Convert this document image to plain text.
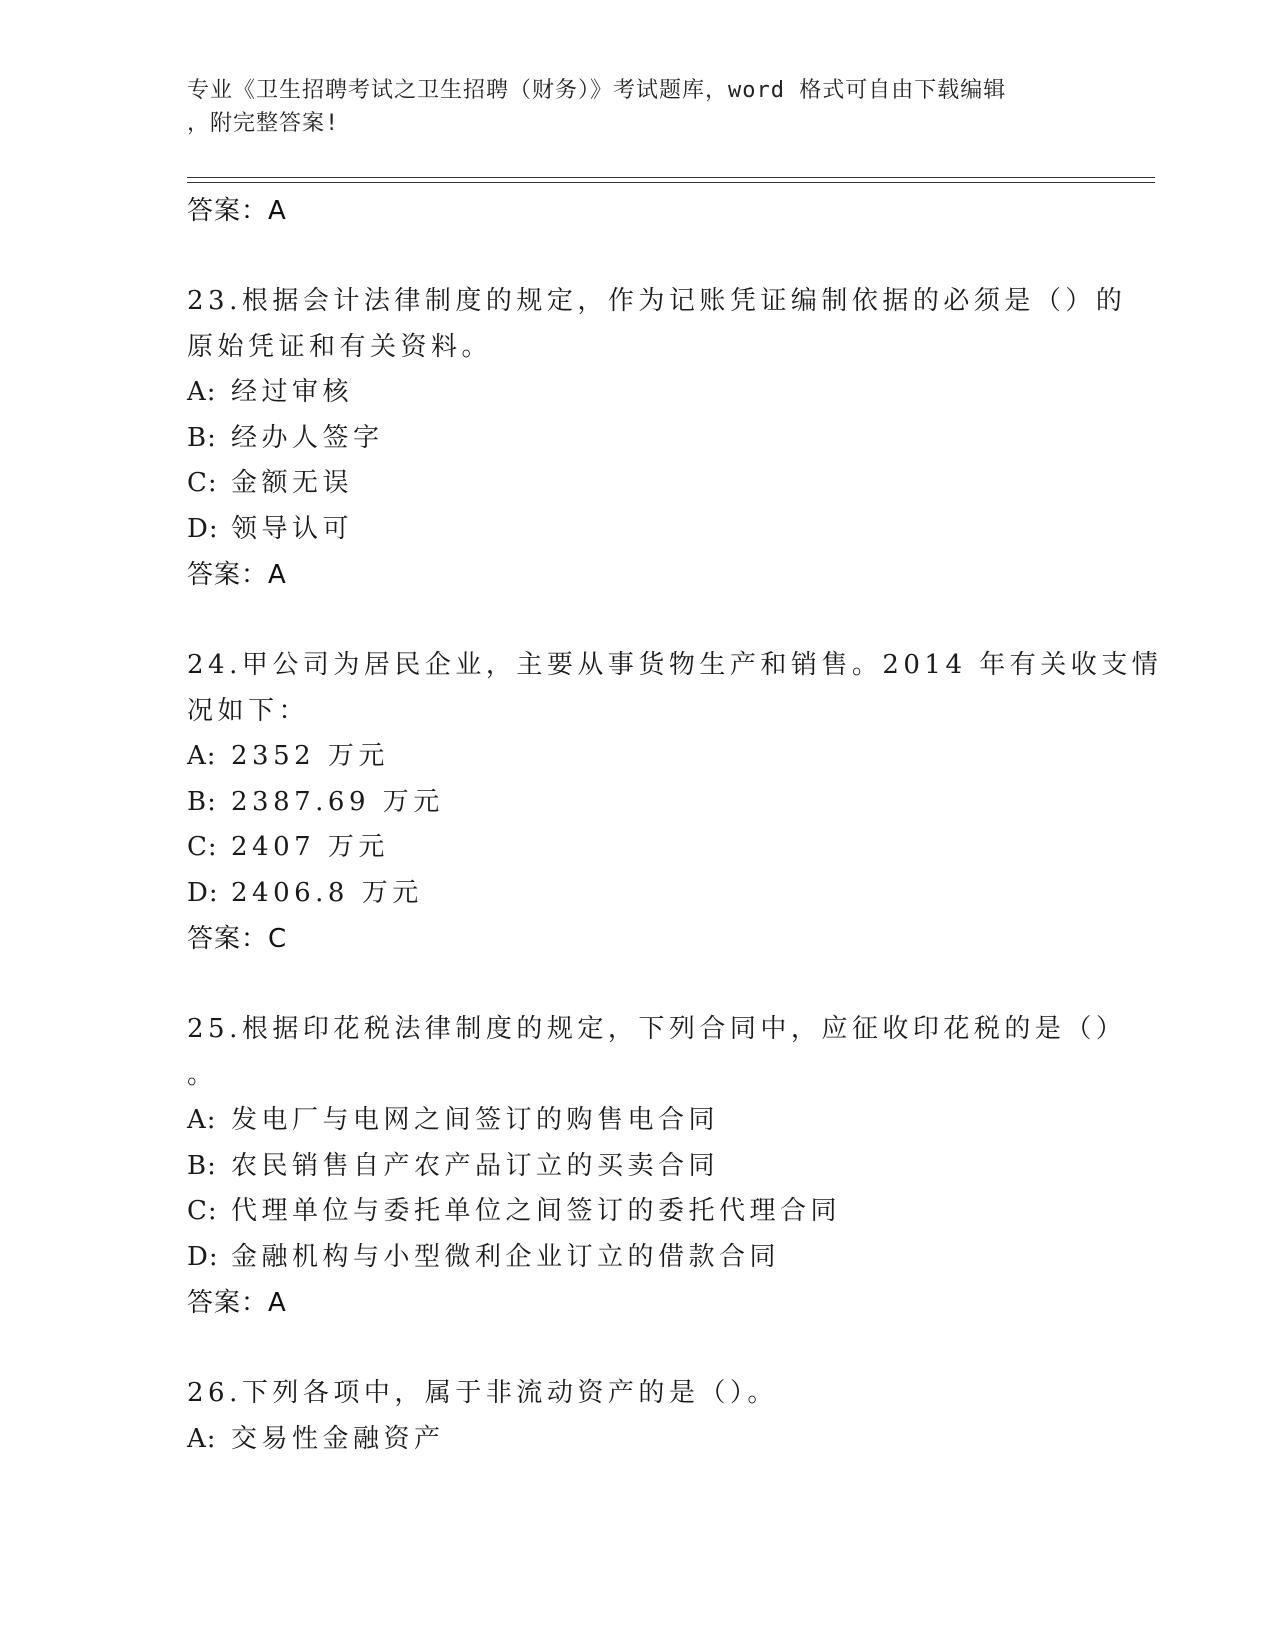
专业《卫生招聘考试之卫生招聘（财务）》考试题库，word 格式可自由下载编辑
，附完整答案!
答案：A
23.根据会计法律制度的规定，作为记账凭证编制依据的必须是（）的
原始凭证和有关资料。
A: 经过审核
B: 经办人签字
C: 金额无误
D: 领导认可
答案：A
24.甲公司为居民企业，主要从事货物生产和销售。2014 年有关收支情
况如下：
A: 2352 万元
B: 2387.69 万元
C: 2407 万元
D: 2406.8 万元
答案：C
25.根据印花税法律制度的规定，下列合同中，应征收印花税的是（）
。
A: 发电厂与电网之间签订的购售电合同
B: 农民销售自产农产品订立的买卖合同
C: 代理单位与委托单位之间签订的委托代理合同
D: 金融机构与小型微利企业订立的借款合同
答案：A
26.下列各项中，属于非流动资产的是（）。
A: 交易性金融资产
